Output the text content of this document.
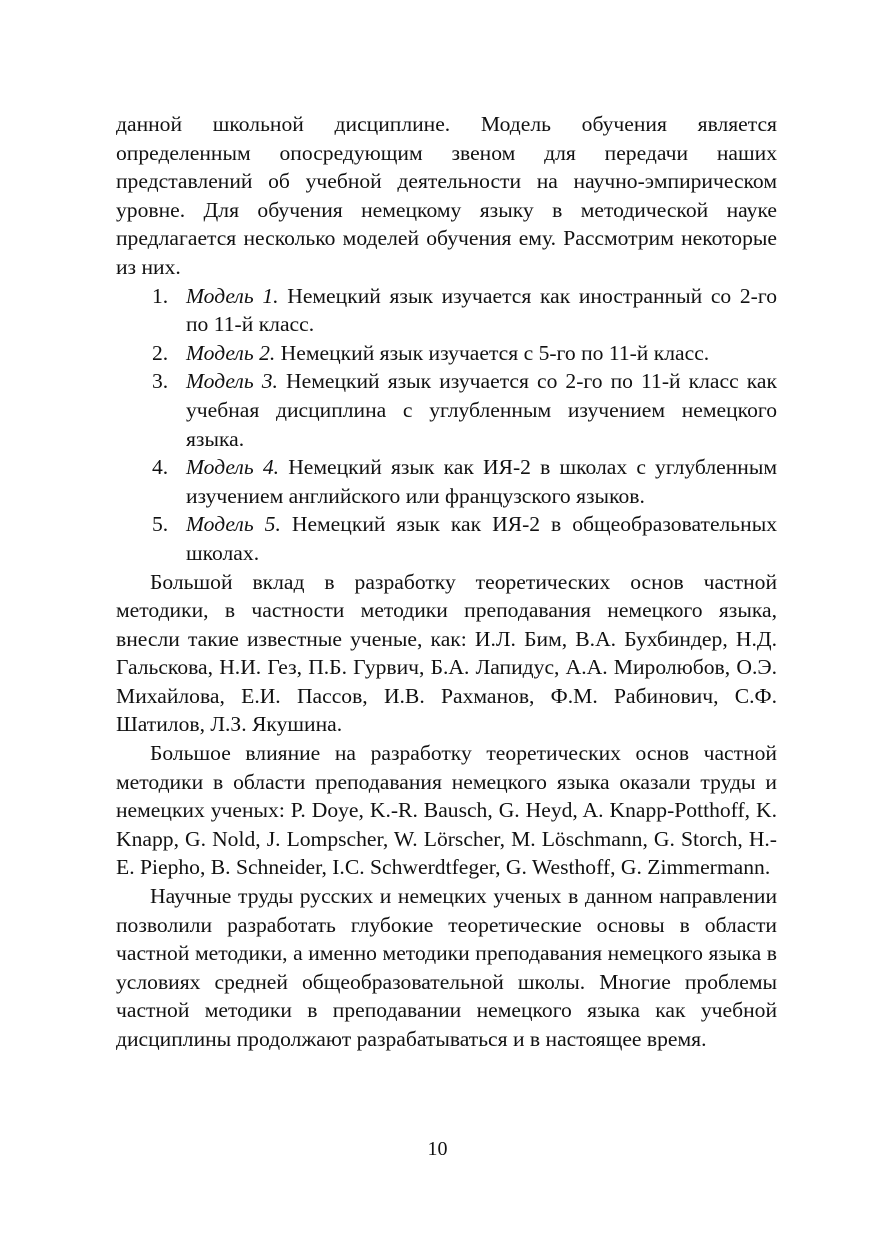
данной школьной дисциплине. Модель обучения является определенным опосредующим звеном для передачи наших представлений об учебной деятельности на научно-эмпирическом уровне. Для обучения немецкому языку в методической науке предлагается несколько моделей обучения ему. Рассмотрим некоторые из них.

1. Модель 1. Немецкий язык изучается как иностранный со 2-го по 11-й класс.
2. Модель 2. Немецкий язык изучается с 5-го по 11-й класс.
3. Модель 3. Немецкий язык изучается со 2-го по 11-й класс как учебная дисциплина с углубленным изучением немецкого языка.
4. Модель 4. Немецкий язык как ИЯ-2 в школах с углубленным изучением английского или французского языков.
5. Модель 5. Немецкий язык как ИЯ-2 в общеобразовательных школах.

Большой вклад в разработку теоретических основ частной методики, в частности методики преподавания немецкого языка, внесли такие известные ученые, как: И.Л. Бим, В.А. Бухбиндер, Н.Д. Гальскова, Н.И. Гез, П.Б. Гурвич, Б.А. Лапидус, А.А. Миролюбов, О.Э. Михайлова, Е.И. Пассов, И.В. Рахманов, Ф.М. Рабинович, С.Ф. Шатилов, Л.З. Якушина.

Большое влияние на разработку теоретических основ частной методики в области преподавания немецкого языка оказали труды и немецких ученых: P. Doye, K.-R. Bausch, G. Heyd, A. Knapp-Potthoff, K. Knapp, G. Nold, J. Lompscher, W. Lörscher, M. Löschmann, G. Storch, H.-E. Piepho, B. Schneider, I.C. Schwerdtfeger, G. Westhoff, G. Zimmermann.

Научные труды русских и немецких ученых в данном направлении позволили разработать глубокие теоретические основы в области частной методики, а именно методики преподавания немецкого языка в условиях средней общеобразовательной школы. Многие проблемы частной методики в преподавании немецкого языка как учебной дисциплины продолжают разрабатываться и в настоящее время.

10
